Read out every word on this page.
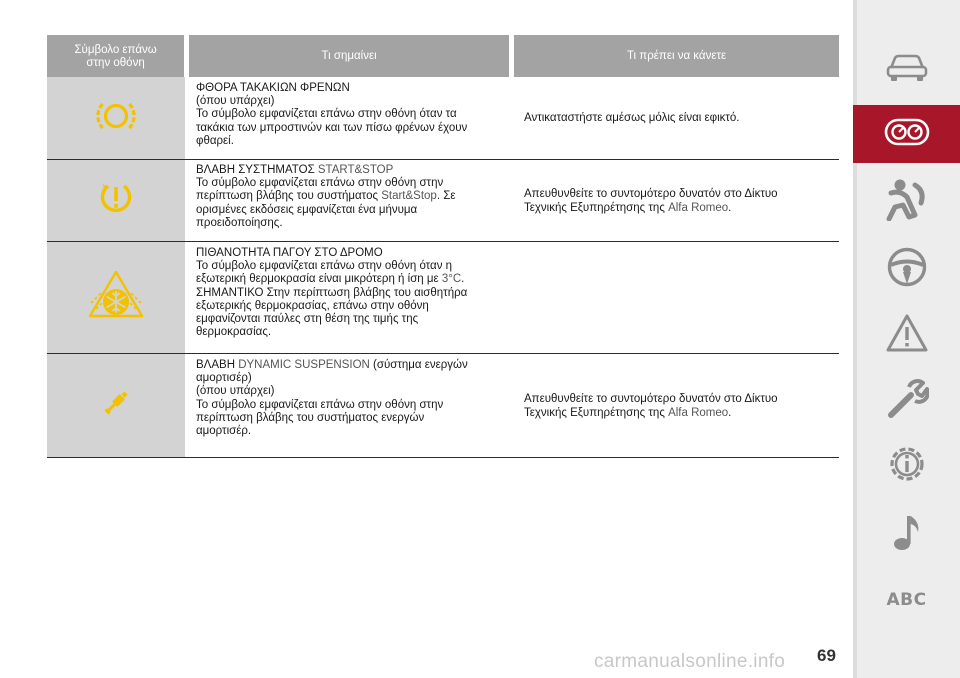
Σύμβολο επάνω
στην οθόνη
Τι σημαίνει	Τι πρέπει να κάνετε
ΦΘΟΡΑ ΤΑΚΑΚΙΩΝ ΦΡΕΝΩΝ
(όπου υπάρχει)
Το σύμβολο εμφανίζεται επάνω στην οθόνη όταν τα
τακάκια των μπροστινών και των πίσω φρένων έχουν
φθαρεί.
Αντικαταστήστε αμέσως μόλις είναι εφικτό.
ΒΛΑΒΗ ΣΥΣΤΗΜΑΤΟΣ START&STOP
Το σύμβολο εμφανίζεται επάνω στην οθόνη στην
περίπτωση βλάβης του συστήματος Start&Stop. Σε
ορισμένες εκδόσεις εμφανίζεται ένα μήνυμα
προειδοποίησης.
Απευθυνθείτε το συντομότερο δυνατόν στο Δίκτυο
Τεχνικής Εξυπηρέτησης της Alfa Romeo.
ΠΙΘΑΝΟΤΗΤΑ ΠΑΓΟΥ ΣΤΟ ΔΡΟΜΟ
Το σύμβολο εμφανίζεται επάνω στην οθόνη όταν η
εξωτερική θερμοκρασία είναι μικρότερη ή ίση με 3°C.
ΣΗΜΑΝΤΙΚΟ Στην περίπτωση βλάβης του αισθητήρα
εξωτερικής θερμοκρασίας, επάνω στην οθόνη
εμφανίζονται παύλες στη θέση της τιμής της
θερμοκρασίας.
ΒΛΑΒΗ DYNAMIC SUSPENSION (σύστημα ενεργών
αμορτισέρ)
(όπου υπάρχει)
Το σύμβολο εμφανίζεται επάνω στην οθόνη στην
περίπτωση βλάβης του συστήματος ενεργών
αμορτισέρ.
Απευθυνθείτε το συντομότερο δυνατόν στο Δίκτυο
Τεχνικής Εξυπηρέτησης της Alfa Romeo.
ABC
69
carmanualsonline.info
